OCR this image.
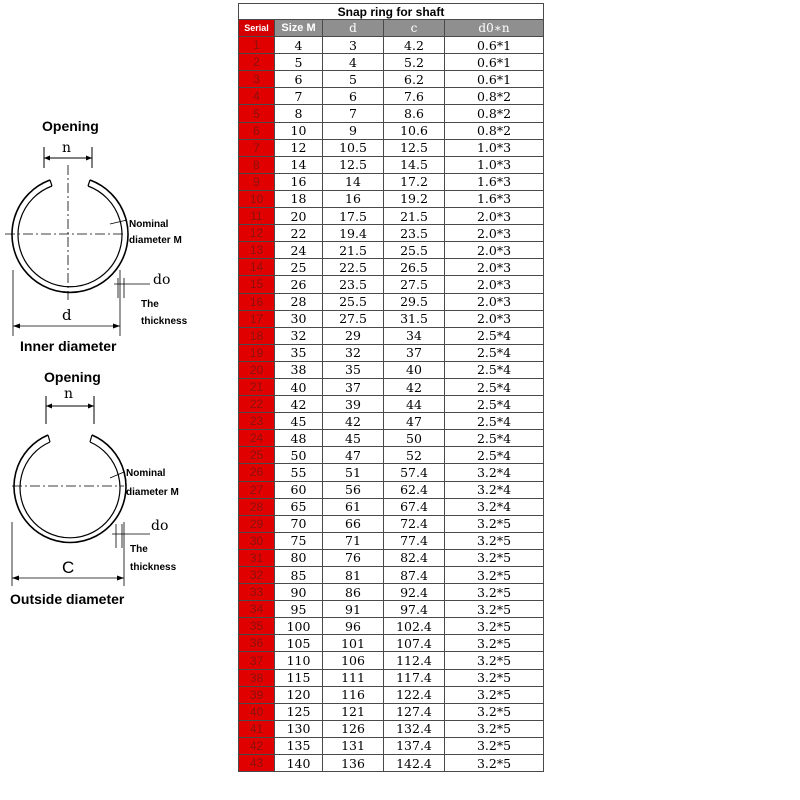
Opening
n
Nominal
diameter M
do
The
thickness
d
Inner diameter
Opening
n
Nominal
diameter M
do
The
thickness
C
Outside diameter
Snap ring for shaft				
Serial	Size M	d	c	d0∗n
1	4	3	4.2	0.6*1
2	5	4	5.2	0.6*1
3	6	5	6.2	0.6*1
4	7	6	7.6	0.8*2
5	8	7	8.6	0.8*2
6	10	9	10.6	0.8*2
7	12	10.5	12.5	1.0*3
8	14	12.5	14.5	1.0*3
9	16	14	17.2	1.6*3
10	18	16	19.2	1.6*3
11	20	17.5	21.5	2.0*3
12	22	19.4	23.5	2.0*3
13	24	21.5	25.5	2.0*3
14	25	22.5	26.5	2.0*3
15	26	23.5	27.5	2.0*3
16	28	25.5	29.5	2.0*3
17	30	27.5	31.5	2.0*3
18	32	29	34	2.5*4
19	35	32	37	2.5*4
20	38	35	40	2.5*4
21	40	37	42	2.5*4
22	42	39	44	2.5*4
23	45	42	47	2.5*4
24	48	45	50	2.5*4
25	50	47	52	2.5*4
26	55	51	57.4	3.2*4
27	60	56	62.4	3.2*4
28	65	61	67.4	3.2*4
29	70	66	72.4	3.2*5
30	75	71	77.4	3.2*5
31	80	76	82.4	3.2*5
32	85	81	87.4	3.2*5
33	90	86	92.4	3.2*5
34	95	91	97.4	3.2*5
35	100	96	102.4	3.2*5
36	105	101	107.4	3.2*5
37	110	106	112.4	3.2*5
38	115	111	117.4	3.2*5
39	120	116	122.4	3.2*5
40	125	121	127.4	3.2*5
41	130	126	132.4	3.2*5
42	135	131	137.4	3.2*5
43	140	136	142.4	3.2*5
